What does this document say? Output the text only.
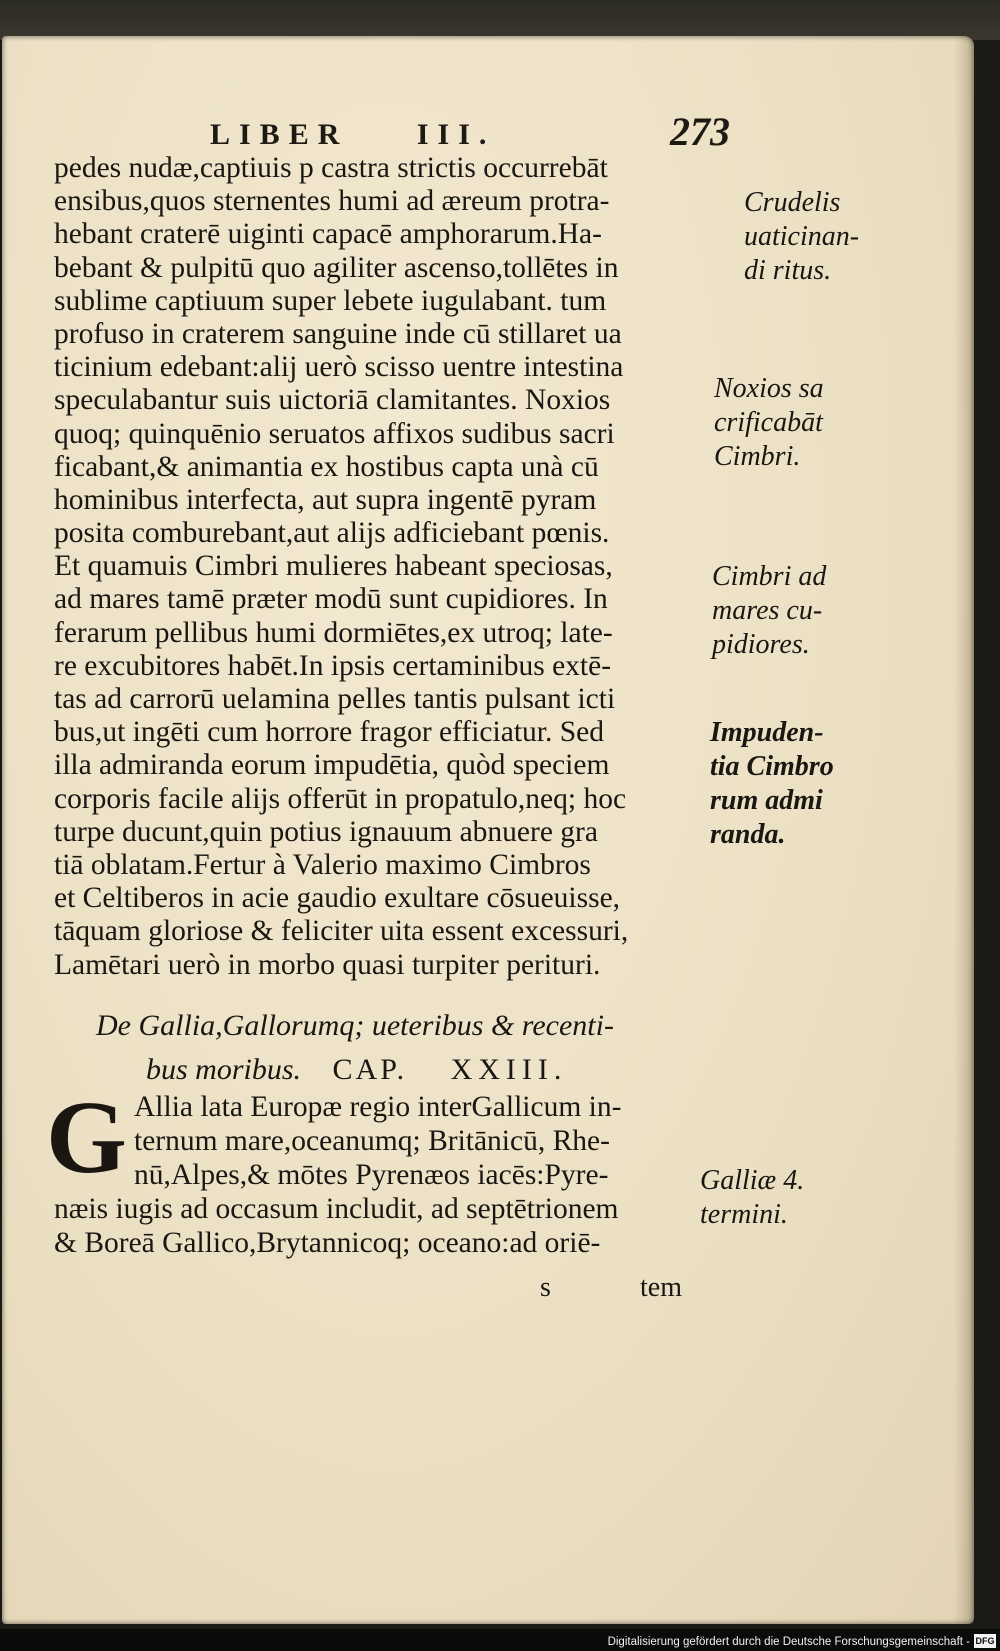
LIBER III.	273
pedes nudæ,captiuis p castra strictis occurrebāt
ensibus,quos sternentes humi ad æreum protra-
hebant craterē uiginti capacē amphorarum.Ha-
bebant & pulpitū quo agiliter ascenso,tollētes in
sublime captiuum super lebete iugulabant. tum
profuso in craterem sanguine inde cū stillaret ua
ticinium edebant:alij uerò scisso uentre intestina
speculabantur suis uictoriā clamitantes. Noxios
quoq; quinquēnio seruatos affixos sudibus sacri
ficabant,& animantia ex hostibus capta unà cū
hominibus interfecta, aut supra ingentē pyram
posita comburebant,aut alijs adficiebant pœnis.
Et quamuis Cimbri mulieres habeant speciosas,
ad mares tamē præter modū sunt cupidiores. In
ferarum pellibus humi dormiētes,ex utroq; late-
re excubitores habēt.In ipsis certaminibus extē-
tas ad carrorū uelamina pelles tantis pulsant icti
bus,ut ingēti cum horrore fragor efficiatur. Sed
illa admiranda eorum impudētia, quòd speciem
corporis facile alijs offerūt in propatulo,neq; hoc
turpe ducunt,quin potius ignauum abnuere gra
tiā oblatam.Fertur à Valerio maximo Cimbros
et Celtiberos in acie gaudio exultare cōsueuisse,
tāquam gloriose & feliciter uita essent excessuri,
Lamētari uerò in morbo quasi turpiter perituri.
De Gallia,Gallorumq; ueteribus & recenti-
bus moribus. CAP. XXIII.
G Allia lata Europæ regio interGallicum in-
ternum mare,oceanumq; Britānicū, Rhe-
nū,Alpes,& mōtes Pyrenæos iacēs:Pyre-
næis iugis ad occasum includit, ad septētrionem
& Boreā Gallico,Brytannicoq; oceano:ad oriē-
s	tem
Crudelis
uaticinan-
di ritus.
Noxios sa
crificabāt
Cimbri.
Cimbri ad
mares cu-
pidiores.
Impuden-
tia Cimbro
rum admi
randa.
Galliæ 4.
termini.
Digitalisierung gefördert durch die Deutsche Forschungsgemeinschaft - DFG
